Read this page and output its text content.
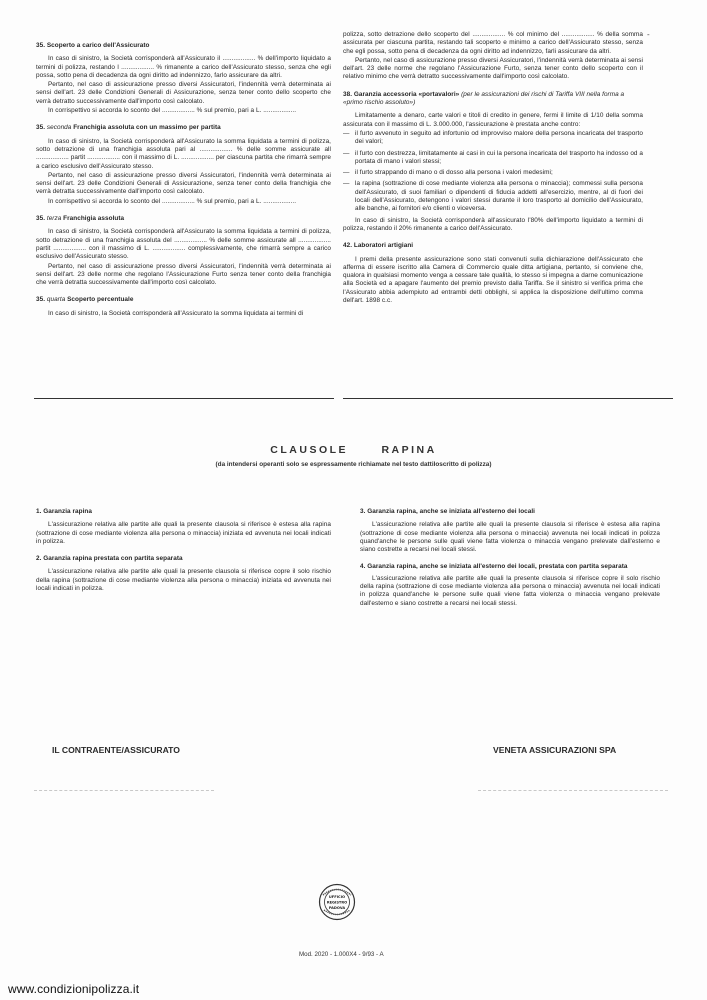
35. Scoperto a carico dell'Assicurato

In caso di sinistro, la Società corrisponderà all'Assicurato il .................. % dell'importo liquidato a termini di polizza, restando l .................. % rimanente a carico dell'Assicurato stesso, senza che egli possa, sotto pena di decadenza da ogni diritto ad indennizzo, farlo assicurare da altri.

Pertanto, nel caso di assicurazione presso diversi Assicuratori, l'indennità verrà determinata ai sensi dell'art. 23 delle Condizioni Generali di Assicurazione, senza tener conto dello scoperto che verrà detratto successivamente dall'importo così calcolato.

In corrispettivo si accorda lo sconto del .................. % sul premio, pari a L. ..................

35. seconda Franchigia assoluta con un massimo per partita

In caso di sinistro, la Società corrisponderà all'Assicurato la somma liquidata a termini di polizza, sotto detrazione di una franchigia assoluta pari al .................. % delle somme assicurate all .................. partit .................. con il massimo di L. .................. per ciascuna partita che rimarrà sempre a carico esclusivo dell'Assicurato stesso.

Pertanto, nel caso di assicurazione presso diversi Assicuratori, l'indennità verrà determinata ai sensi dell'art. 23 delle Condizioni Generali di Assicurazione, senza tener conto della franchigia che verrà detratta successivamente dall'importo così calcolato.

In corrispettivo si accorda lo sconto del .................. % sul premio, pari a L. ..................

35. terza Franchigia assoluta

In caso di sinistro, la Società corrisponderà all'Assicurato la somma liquidata a termini di polizza, sotto detrazione di una franchigia assoluta del .................. % delle somme assicurate all .................. partit .................. con il massimo di L. .................. complessivamente, che rimarrà sempre a carico esclusivo dell'Assicurato stesso.

Pertanto, nel caso di assicurazione presso diversi Assicuratori, l'indennità verrà determinata ai sensi dell'art. 23 delle norme che regolano l'Assicurazione Furto senza tener conto della franchigia che verrà detratta successivamente dall'importo così calcolato.

35. quarta Scoperto percentuale

In caso di sinistro, la Società corrisponderà all'Assicurato la somma liquidata ai termini di

polizza, sotto detrazione dello scoperto del .................. % col minimo del .................. % della somma assicurata per ciascuna partita, restando tali scoperto e minimo a carico dell'Assicurato stesso, senza che egli possa, sotto pena di decadenza da ogni diritto ad indennizzo, farli assicurare da altri.

Pertanto, nel caso di assicurazione presso diversi Assicuratori, l'indennità verrà determinata ai sensi dell'art. 23 delle norme che regolano l'Assicurazione Furto, senza tener conto dello scoperto con il relativo minimo che verrà detratto successivamente dall'importo così calcolato.

38. Garanzia accessoria «portavalori» (per le assicurazioni dei rischi di Tariffa VIII nella forma a «primo rischio assoluto»)

Limitatamente a denaro, carte valori e titoli di credito in genere, fermi il limite di 1/10 della somma assicurata con il massimo di L. 3.000.000, l'assicurazione è prestata anche contro:

— il furto avvenuto in seguito ad infortunio od improvviso malore della persona incaricata del trasporto dei valori;
— il furto con destrezza, limitatamente ai casi in cui la persona incaricata del trasporto ha indosso od a portata di mano i valori stessi;
— il furto strappando di mano o di dosso alla persona i valori medesimi;
— la rapina (sottrazione di cose mediante violenza alla persona o minaccia); commessi sulla persona dell'Assicurato, di suoi familiari o dipendenti di fiducia addetti all'esercizio, mentre, al di fuori dei locali dell'Assicurato, detengono i valori stessi durante il loro trasporto al domicilio dell'Assicurato, alle banche, ai fornitori e/o clienti o viceversa.

In caso di sinistro, la Società corrisponderà all'assicurato l'80% dell'importo liquidato a termini di polizza, restando il 20% rimanente a carico dell'Assicurato.

42. Laboratori artigiani

I premi della presente assicurazione sono stati convenuti sulla dichiarazione dell'Assicurato che afferma di essere iscritto alla Camera di Commercio quale ditta artigiana, pertanto, si conviene che, qualora in qualsiasi momento venga a cessare tale qualità, lo stesso si impegna a darne comunicazione alla Società ed a apagare l'aumento del premio previsto dalla Tariffa. Se il sinistro si verifica prima che l'Assicurato abbia adempiuto ad entrambi detti obblighi, si applica la disposizione dell'ultimo comma dell'art. 1898 c.c.

-
CLAUSOLE RAPINA
(da intendersi operanti solo se espressamente richiamate nel testo dattiloscritto di polizza)
1. Garanzia rapina

L'assicurazione relativa alle partite alle quali la presente clausola si riferisce è estesa alla rapina (sottrazione di cose mediante violenza alla persona o minaccia) iniziata ed avvenuta nei locali indicati in polizza.

2. Garanzia rapina prestata con partita separata

L'assicurazione relativa alle partite alle quali la presente clausola si riferisce copre il solo rischio della rapina (sottrazione di cose mediante violenza alla persona o minaccia) iniziata ed avvenuta nei locali indicati in polizza.

3. Garanzia rapina, anche se iniziata all'esterno dei locali

L'assicurazione relativa alle partite alle quali la presente clausola si riferisce è estesa alla rapina (sottrazione di cose mediante violenza alla persona o minaccia) avvenuta nei locali indicati in polizza quand'anche le persone sulle quali viene fatta violenza o minaccia vengano prelevate dall'esterno e siano costrette a recarsi nei locali stessi.

4. Garanzia rapina, anche se iniziata all'esterno dei locali, prestata con partita separata

L'assicurazione relativa alle partite alle quali la presente clausola si riferisce copre il solo rischio della rapina (sottrazione di cose mediante violenza alla persona o minaccia) avvenuta nei locali indicati in polizza quand'anche le persone sulle quali viene fatta violenza o minaccia vengano prelevate dall'esterno e siano costrette a recarsi nei locali stessi.

IL CONTRAENTE/ASSICURATO	VENETA ASSICURAZIONI SPA
UFFICIO
REGISTRO
PADOVA
Mod. 2020 - 1.000X4 - 9/93 - A
www.condizionipolizza.it
